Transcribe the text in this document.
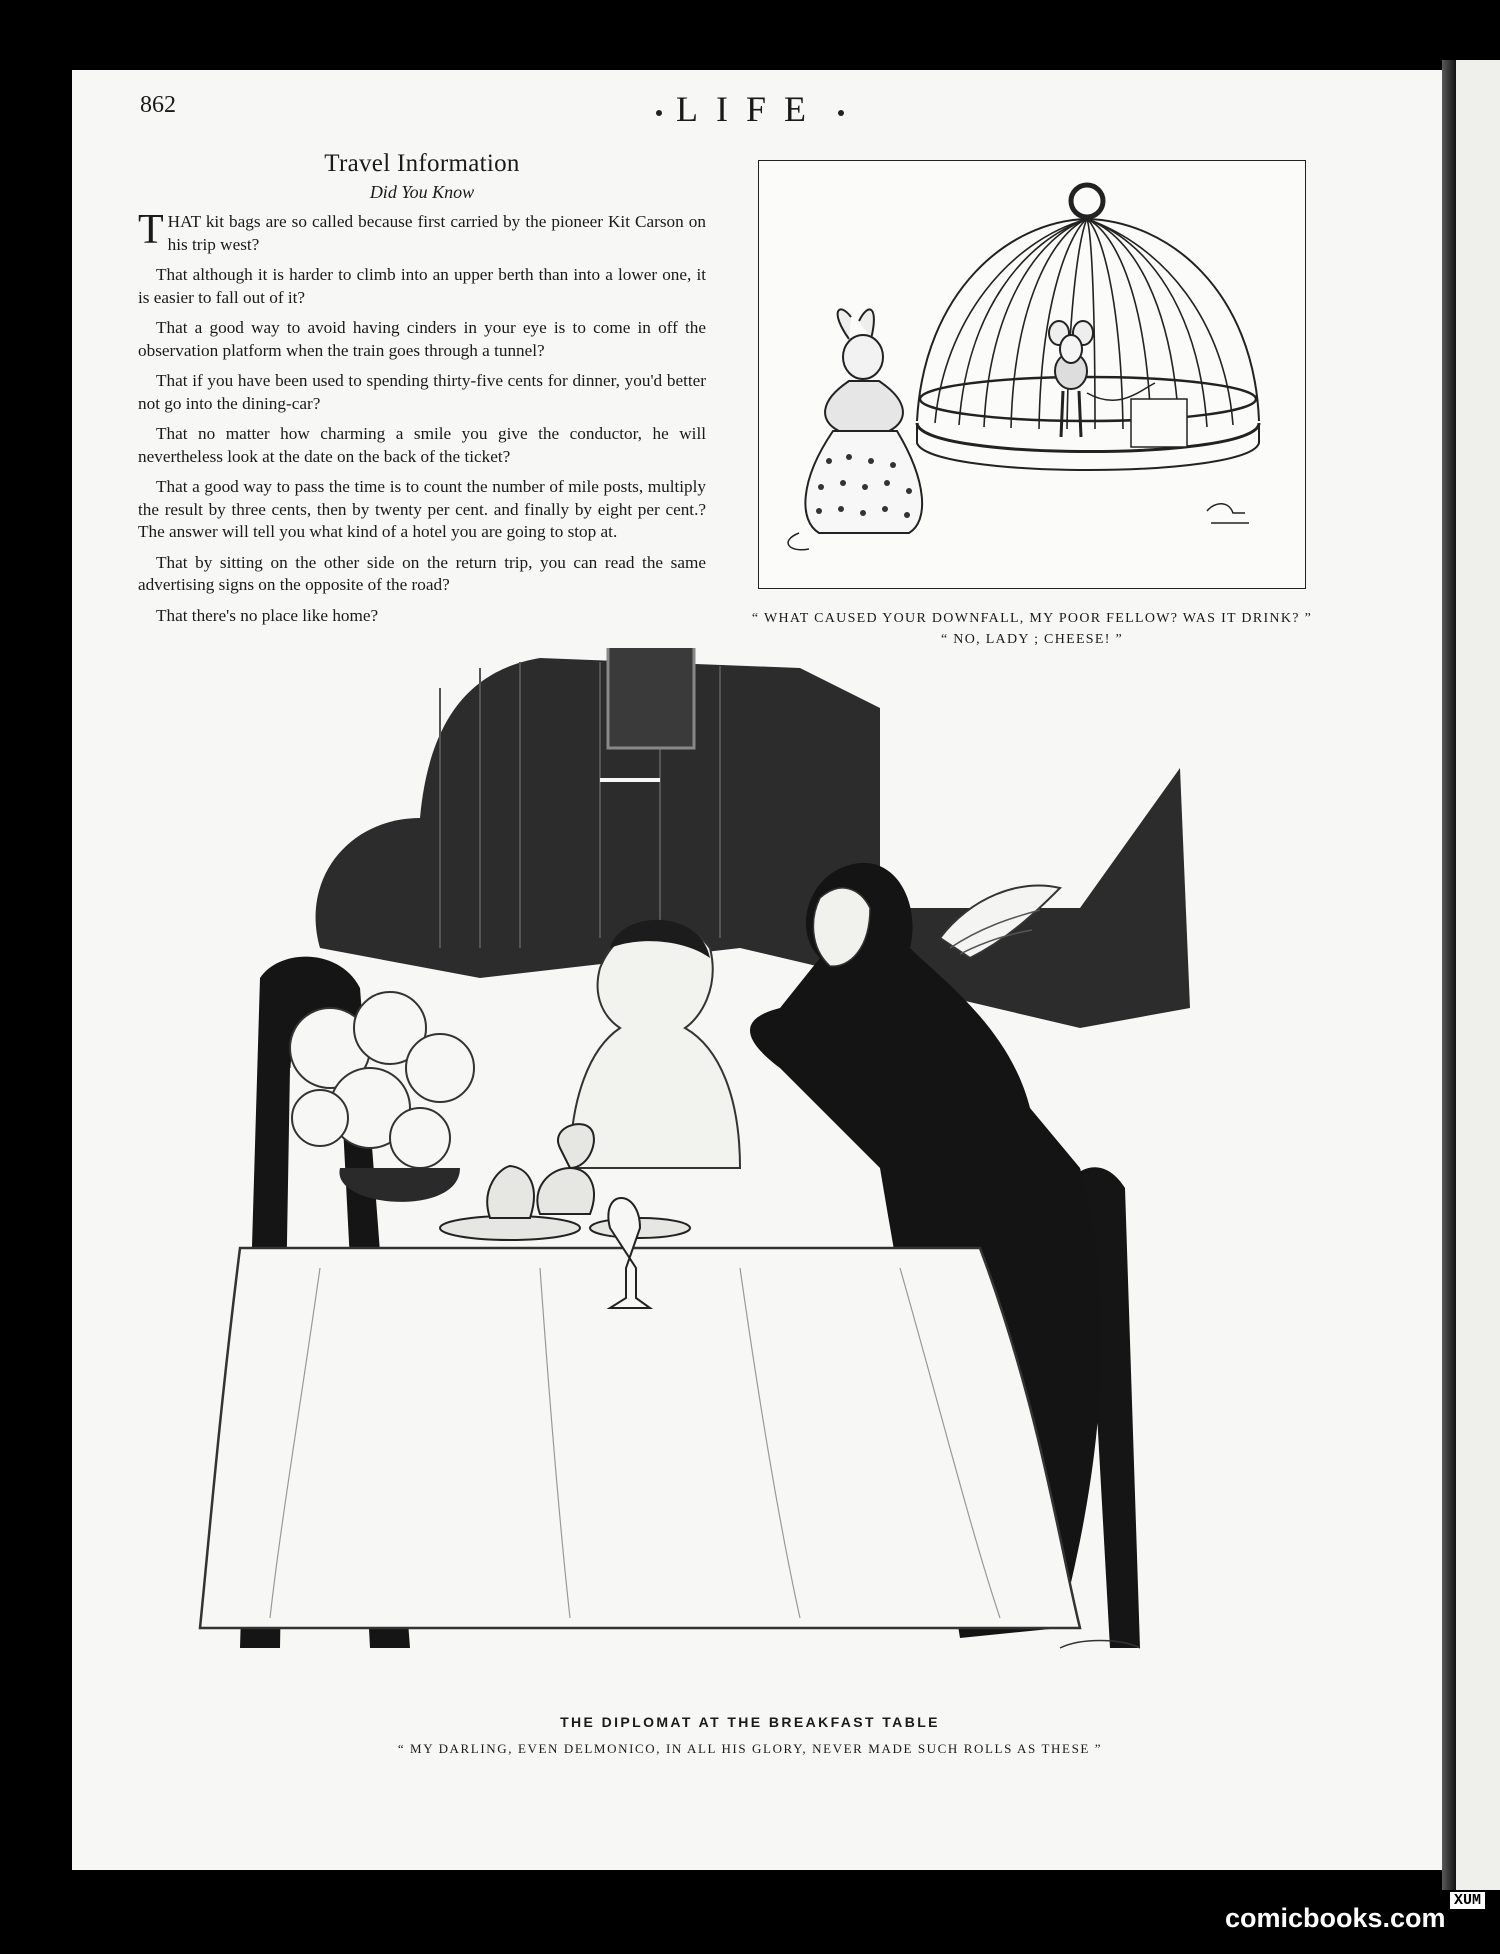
862	LIFE
Travel Information
Did You Know

THAT kit bags are so called because first carried by the pioneer Kit Carson on his trip west?

That although it is harder to climb into an upper berth than into a lower one, it is easier to fall out of it?

That a good way to avoid having cinders in your eye is to come in off the observation platform when the train goes through a tunnel?

That if you have been used to spending thirty-five cents for dinner, you'd better not go into the dining-car?

That no matter how charming a smile you give the conductor, he will nevertheless look at the date on the back of the ticket?

That a good way to pass the time is to count the number of mile posts, multiply the result by three cents, then by twenty per cent. and finally by eight per cent.? The answer will tell you what kind of a hotel you are going to stop at.

That by sitting on the other side on the return trip, you can read the same advertising signs on the opposite of the road?

That there's no place like home?	“ WHAT CAUSED YOUR DOWNFALL, MY POOR FELLOW? WAS IT DRINK? ”
“ NO, LADY ; CHEESE! ”

THE DIPLOMAT AT THE BREAKFAST TABLE

“ MY DARLING, EVEN DELMONICO, IN ALL HIS GLORY, NEVER MADE SUCH ROLLS AS THESE ”

XUM
comicbooks.com
